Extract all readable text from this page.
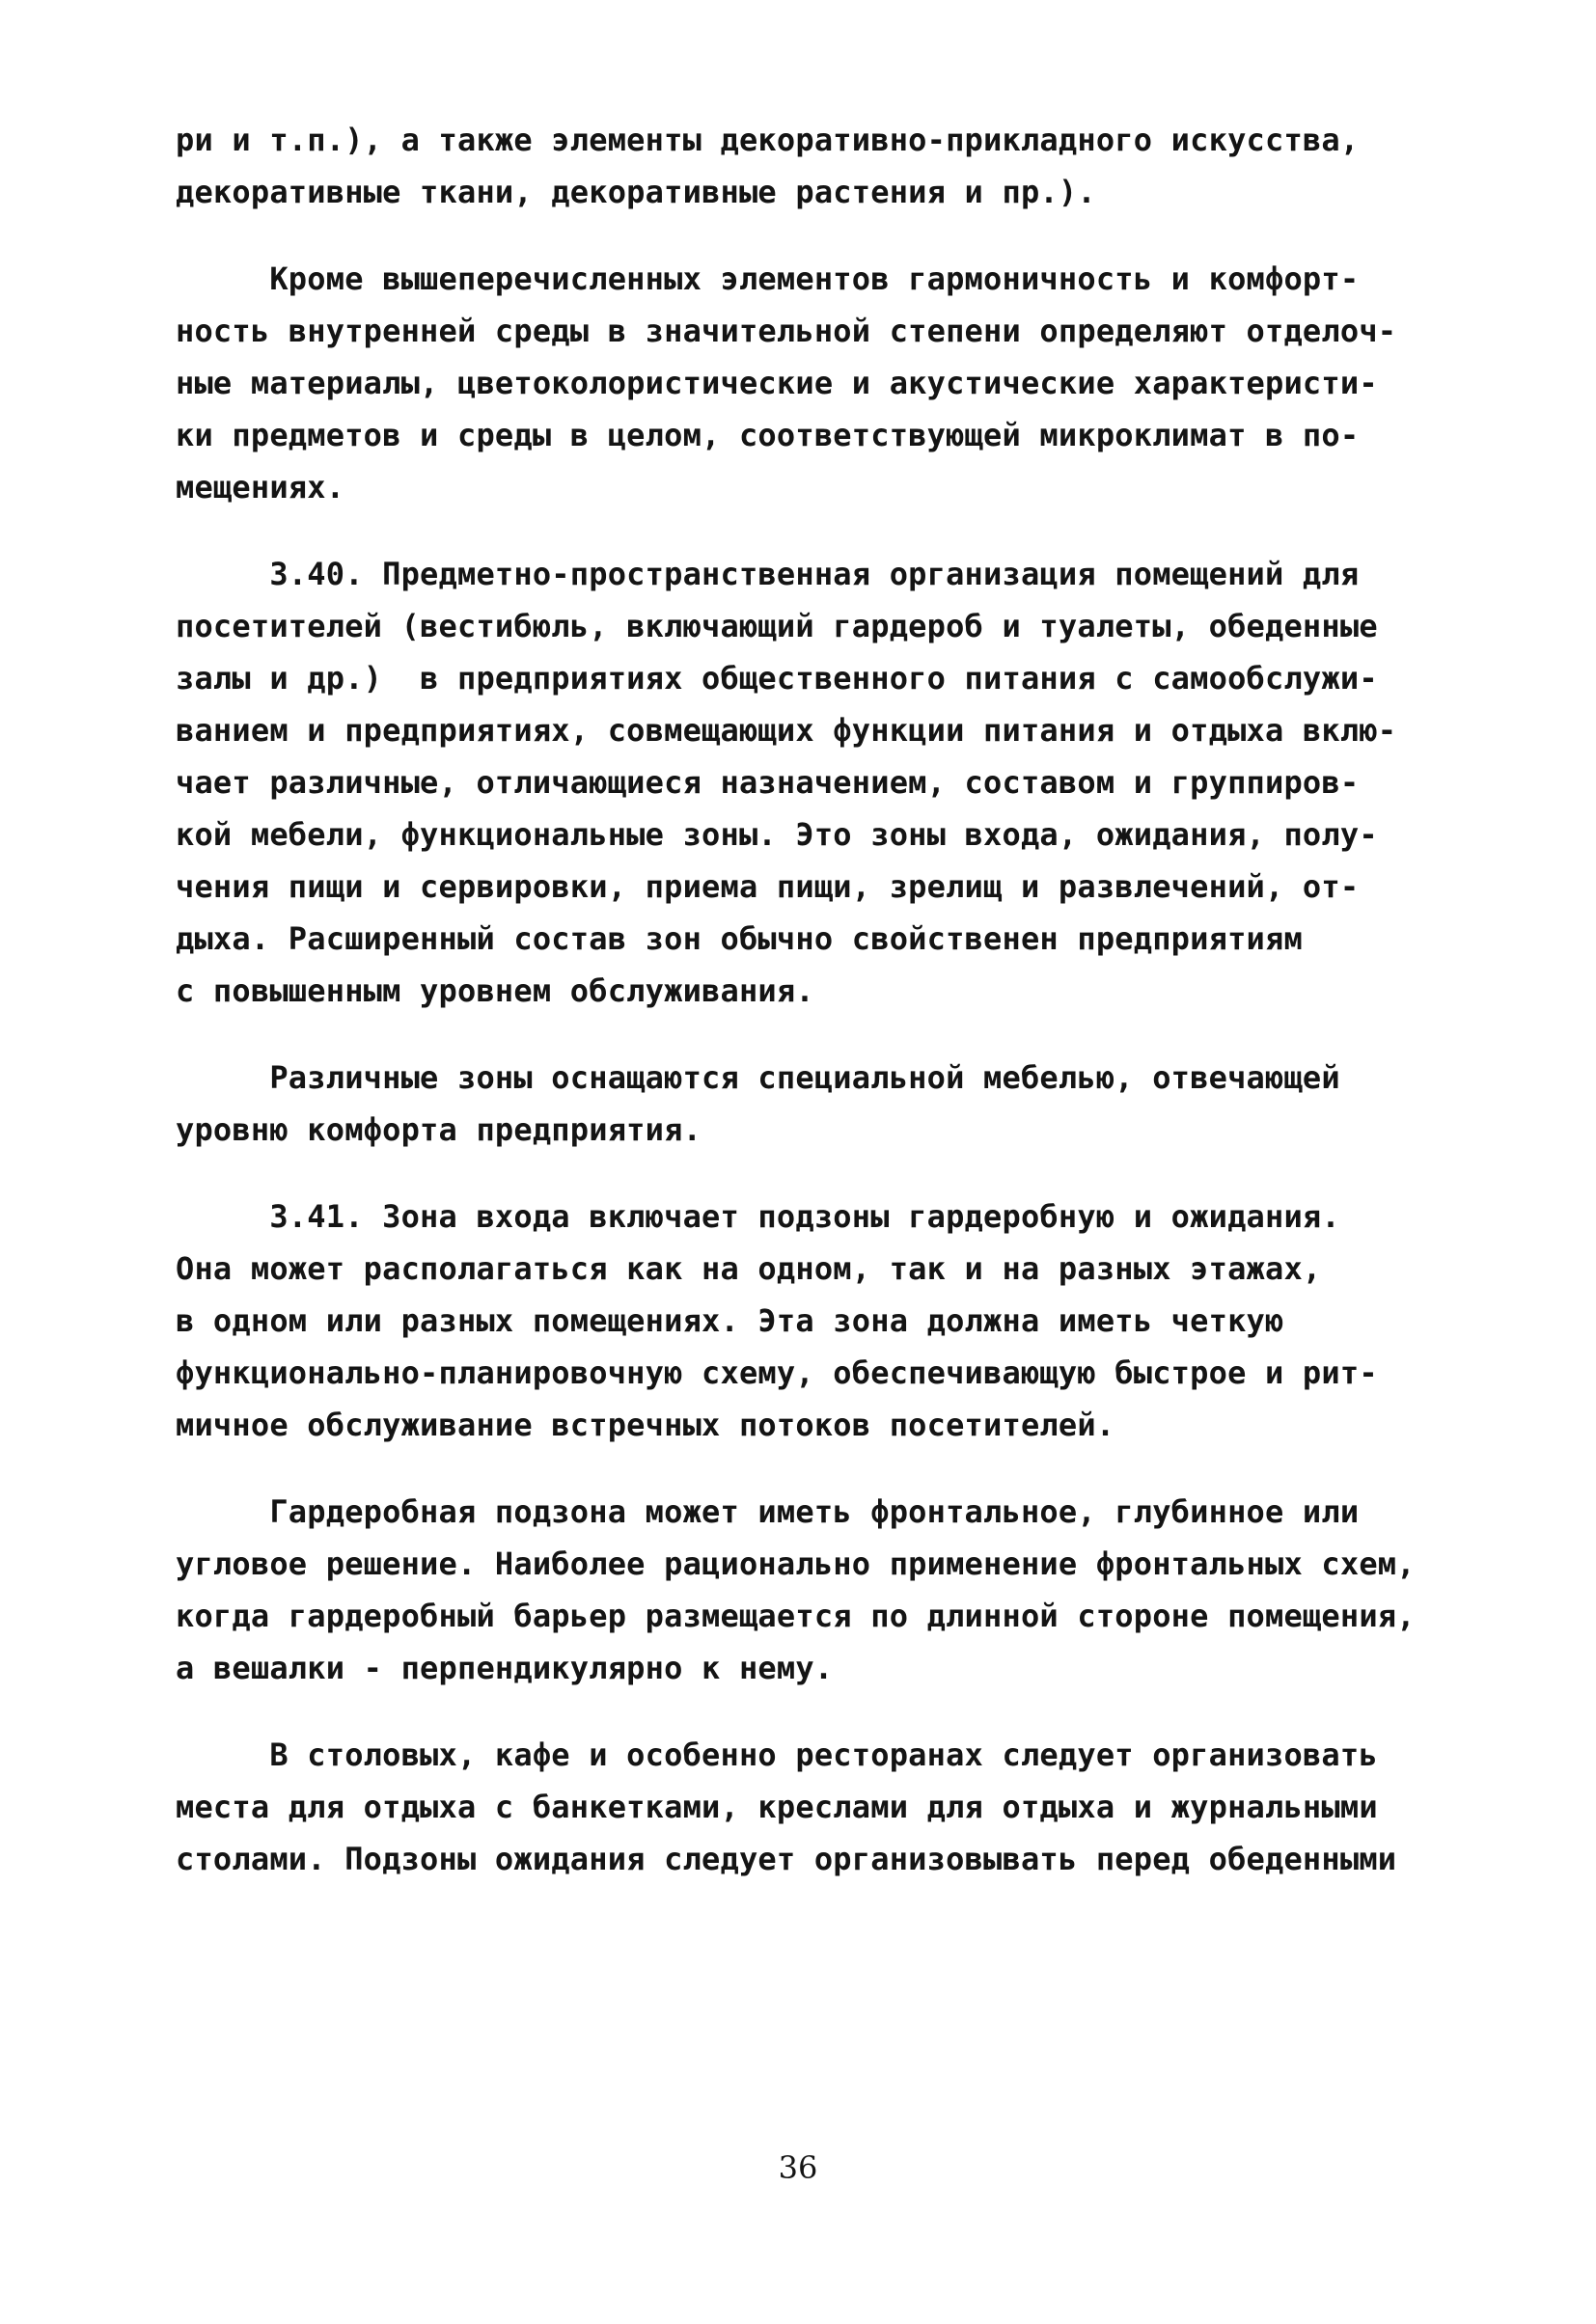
ри и т.п.), а также элементы декоративно-прикладного искусства,
декоративные ткани, декоративные растения и пр.).
Кроме вышеперечисленных элементов гармоничность и комфорт-
ность внутренней среды в значительной степени определяют отделоч-
ные материалы, цветоколористические и акустические характеристи-
ки предметов и среды в целом, соответствующей микроклимат в по-
мещениях.
3.40. Предметно-пространственная организация помещений для
посетителей (вестибюль, включающий гардероб и туалеты, обеденные
залы и др.)  в предприятиях общественного питания с самообслужи-
ванием и предприятиях, совмещающих функции питания и отдыха вклю-
чает различные, отличающиеся назначением, составом и группиров-
кой мебели, функциональные зоны. Это зоны входа, ожидания, полу-
чения пищи и сервировки, приема пищи, зрелищ и развлечений, от-
дыха. Расширенный состав зон обычно свойственен предприятиям
с повышенным уровнем обслуживания.
Различные зоны оснащаются специальной мебелью, отвечающей
уровню комфорта предприятия.
3.41. Зона входа включает подзоны гардеробную и ожидания.
Она может располагаться как на одном, так и на разных этажах,
в одном или разных помещениях. Эта зона должна иметь четкую
функционально-планировочную схему, обеспечивающую быстрое и рит-
мичное обслуживание встречных потоков посетителей.
Гардеробная подзона может иметь фронтальное, глубинное или
угловое решение. Наиболее рационально применение фронтальных схем,
когда гардеробный барьер размещается по длинной стороне помещения,
а вешалки - перпендикулярно к нему.
В столовых, кафе и особенно ресторанах следует организовать
места для отдыха с банкетками, креслами для отдыха и журнальными
столами. Подзоны ожидания следует организовывать перед обеденными
36
